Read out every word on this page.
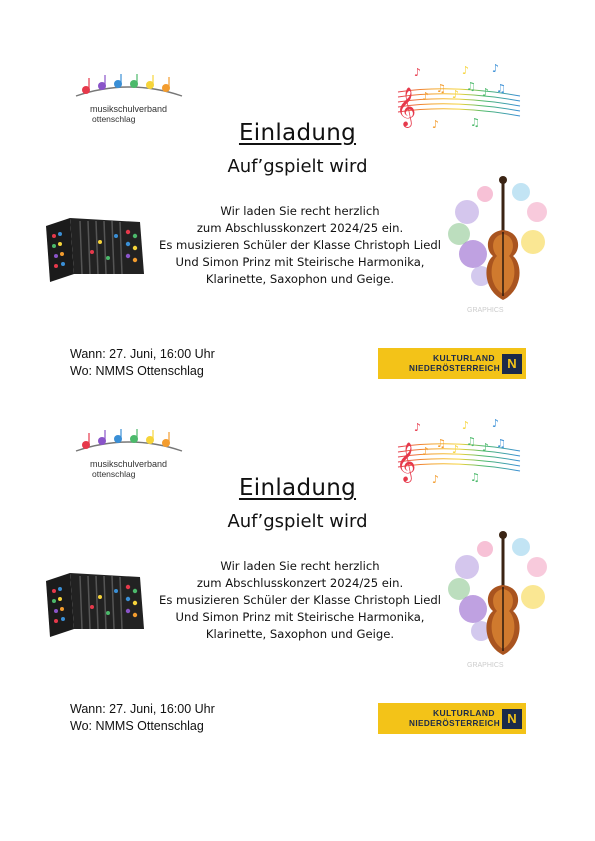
musikschulverband
ottenschlag	𝄞 ♪
♫ ♪
♫ ♪ ♫
♪	♪ ♪
♪	♫
Einladung
Auf’gspielt wird
Wir laden Sie recht herzlich
zum Abschlusskonzert 2024/25 ein.
Es musizieren Schüler der Klasse Christoph Liedl
Und Simon Prinz mit Steirische Harmonika,
Klarinette, Saxophon und Geige.
GRAPHICS
Wann: 27. Juni, 16:00 Uhr
Wo: NMMS Ottenschlag
KULTURLAND
NIEDERÖSTERREICH N
musikschulverband
ottenschlag	𝄞 ♪
♫ ♪
♫ ♪ ♫
♪	♪ ♪
♪	♫
Einladung
Auf’gspielt wird
Wir laden Sie recht herzlich
zum Abschlusskonzert 2024/25 ein.
Es musizieren Schüler der Klasse Christoph Liedl
Und Simon Prinz mit Steirische Harmonika,
Klarinette, Saxophon und Geige.
GRAPHICS
Wann: 27. Juni, 16:00 Uhr
Wo: NMMS Ottenschlag
KULTURLAND
NIEDERÖSTERREICH N
